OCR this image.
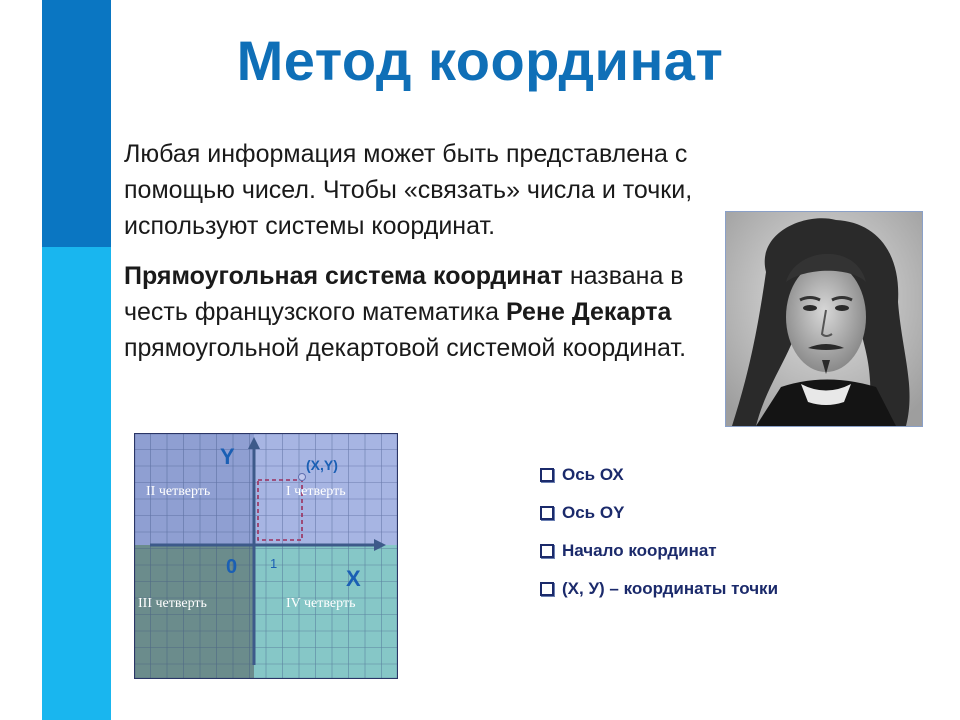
Метод координат
Любая информация может быть представлена с помощью чисел. Чтобы «связать» числа и точки, используют системы координат.
Прямоугольная система координат названа в честь французского математика Рене Декарта прямоугольной декартовой системой координат.
Y
X
0	1
(X,Y)
I четверть
II четверть
III четверть	IV четверть
Ось ОХ
Ось ОY
Начало координат
(Х, У) – координаты точки
